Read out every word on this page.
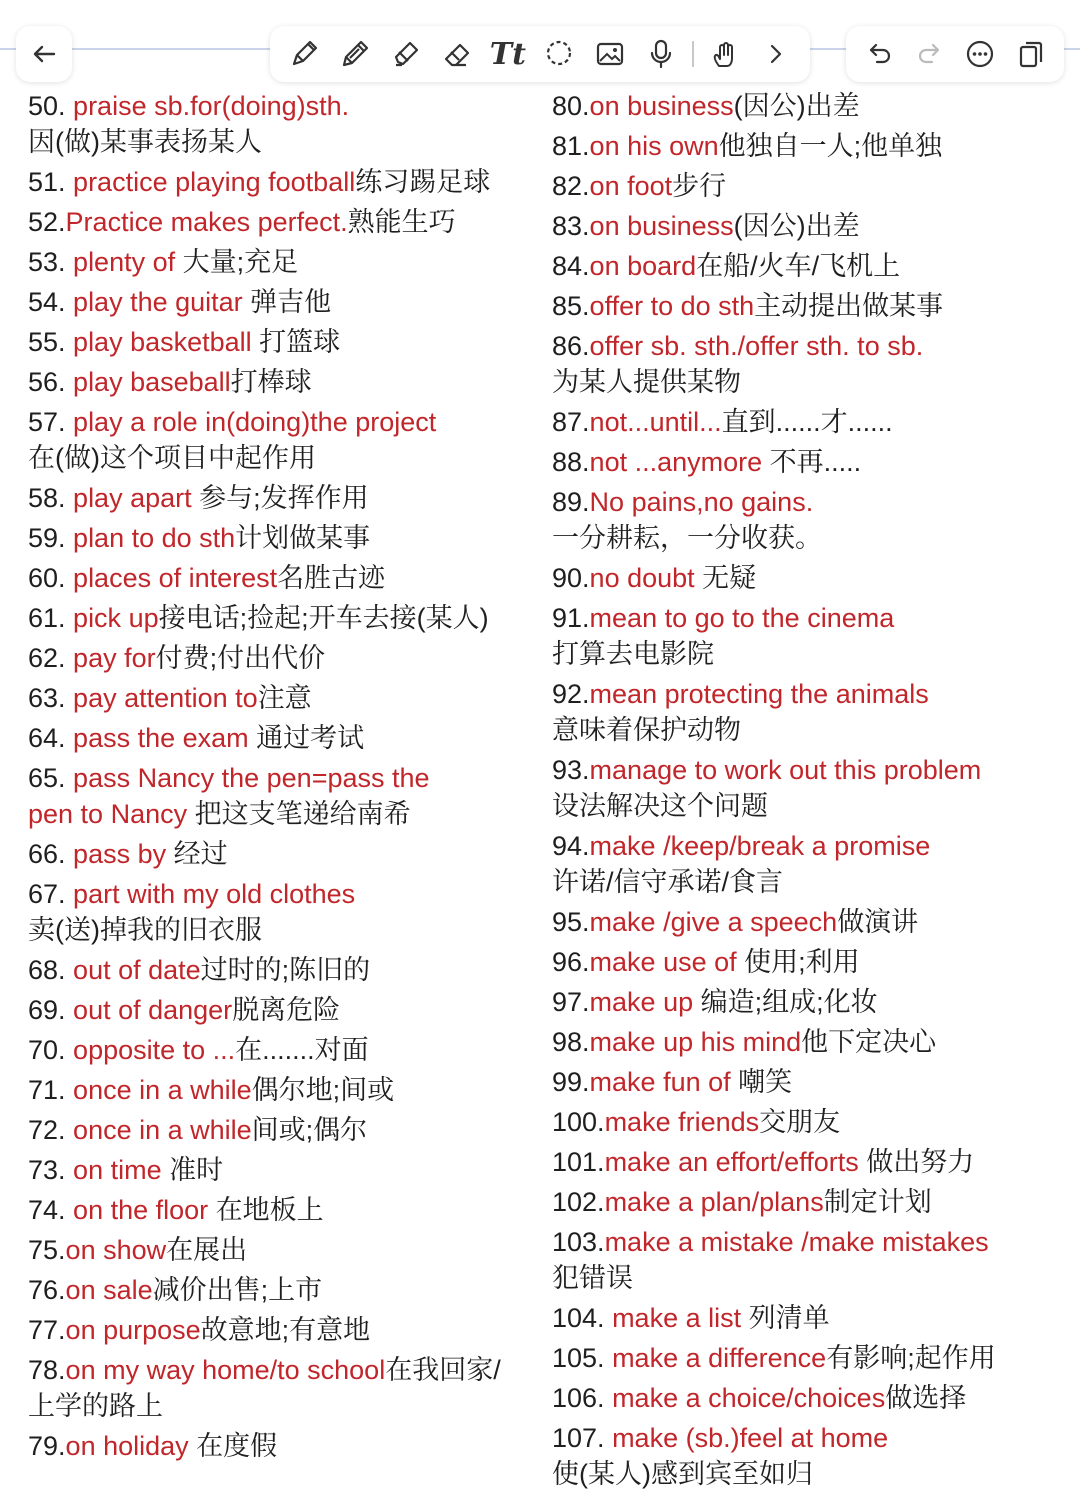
Tt
50. praise sb.for(doing)sth.
因(做)某事表扬某人
51. practice playing football练习踢足球
52.Practice makes perfect.熟能生巧
53. plenty of 大量;充足
54. play the guitar 弹吉他
55. play basketball 打篮球
56. play baseball打棒球
57. play a role in(doing)the project
在(做)这个项目中起作用
58. play apart 参与;发挥作用
59. plan to do sth计划做某事
60. places of interest名胜古迹
61. pick up接电话;捡起;开车去接(某人)
62. pay for付费;付出代价
63. pay attention to注意
64. pass the exam 通过考试
65. pass Nancy the pen=pass the
pen to Nancy 把这支笔递给南希
66. pass by 经过
67. part with my old clothes
卖(送)掉我的旧衣服
68. out of date过时的;陈旧的
69. out of danger脱离危险
70. opposite to ...在.......对面
71. once in a while偶尔地;间或
72. once in a while间或;偶尔
73. on time 准时
74. on the floor 在地板上
75.on show在展出
76.on sale减价出售;上市
77.on purpose故意地;有意地
78.on my way home/to school在我回家/
上学的路上
79.on holiday 在度假
80.on business(因公)出差
81.on his own他独自一人;他单独
82.on foot步行
83.on business(因公)出差
84.on board在船/火车/飞机上
85.offer to do sth主动提出做某事
86.offer sb. sth./offer sth. to sb.
为某人提供某物
87.not...until...直到......才......
88.not ...anymore 不再.....
89.No pains,no gains.
一分耕耘，一分收获。
90.no doubt 无疑
91.mean to go to the cinema
打算去电影院
92.mean protecting the animals
意味着保护动物
93.manage to work out this problem
设法解决这个问题
94.make /keep/break a promise
许诺/信守承诺/食言
95.make /give a speech做演讲
96.make use of 使用;利用
97.make up 编造;组成;化妆
98.make up his mind他下定决心
99.make fun of 嘲笑
100.make friends交朋友
101.make an effort/efforts 做出努力
102.make a plan/plans制定计划
103.make a mistake /make mistakes
犯错误
104. make a list 列清单
105. make a difference有影响;起作用
106. make a choice/choices做选择
107. make (sb.)feel at home
使(某人)感到宾至如归
